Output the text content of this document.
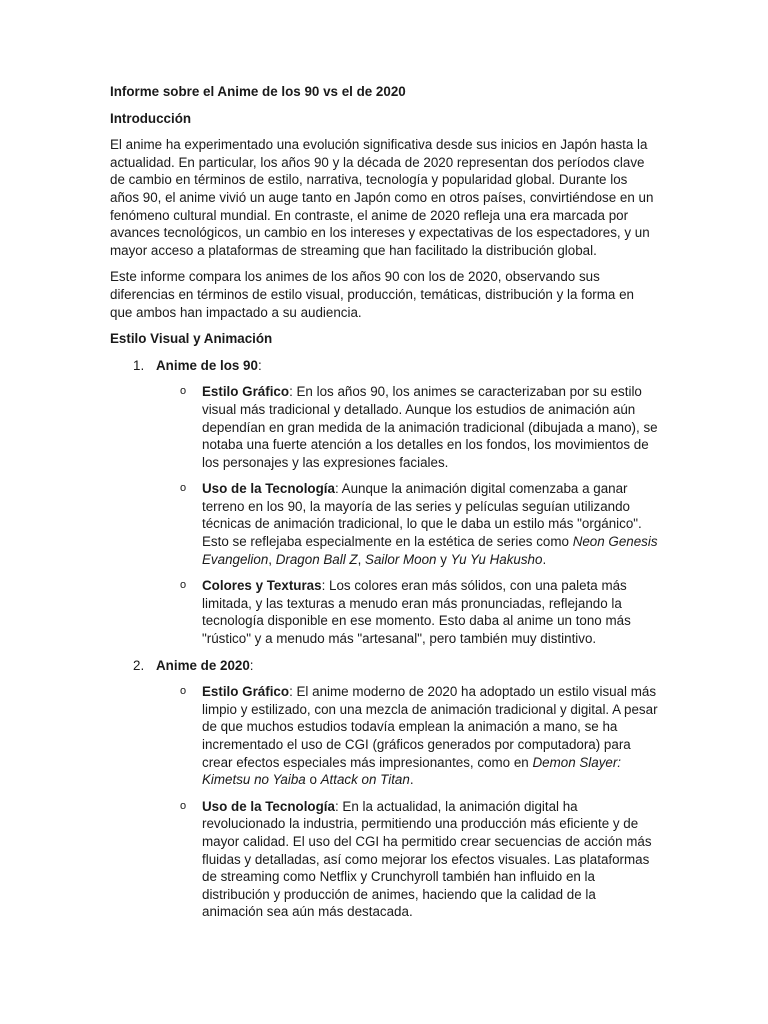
Informe sobre el Anime de los 90 vs el de 2020

Introducción

El anime ha experimentado una evolución significativa desde sus inicios en Japón hasta la actualidad. En particular, los años 90 y la década de 2020 representan dos períodos clave de cambio en términos de estilo, narrativa, tecnología y popularidad global. Durante los años 90, el anime vivió un auge tanto en Japón como en otros países, convirtiéndose en un fenómeno cultural mundial. En contraste, el anime de 2020 refleja una era marcada por avances tecnológicos, un cambio en los intereses y expectativas de los espectadores, y un mayor acceso a plataformas de streaming que han facilitado la distribución global.

Este informe compara los animes de los años 90 con los de 2020, observando sus diferencias en términos de estilo visual, producción, temáticas, distribución y la forma en que ambos han impactado a su audiencia.

Estilo Visual y Animación

1. Anime de los 90:
o Estilo Gráfico: En los años 90, los animes se caracterizaban por su estilo visual más tradicional y detallado. Aunque los estudios de animación aún dependían en gran medida de la animación tradicional (dibujada a mano), se notaba una fuerte atención a los detalles en los fondos, los movimientos de los personajes y las expresiones faciales.
o Uso de la Tecnología: Aunque la animación digital comenzaba a ganar terreno en los 90, la mayoría de las series y películas seguían utilizando técnicas de animación tradicional, lo que le daba un estilo más "orgánico". Esto se reflejaba especialmente en la estética de series como Neon Genesis Evangelion, Dragon Ball Z, Sailor Moon y Yu Yu Hakusho.
o Colores y Texturas: Los colores eran más sólidos, con una paleta más limitada, y las texturas a menudo eran más pronunciadas, reflejando la tecnología disponible en ese momento. Esto daba al anime un tono más "rústico" y a menudo más "artesanal", pero también muy distintivo.
2. Anime de 2020:
o Estilo Gráfico: El anime moderno de 2020 ha adoptado un estilo visual más limpio y estilizado, con una mezcla de animación tradicional y digital. A pesar de que muchos estudios todavía emplean la animación a mano, se ha incrementado el uso de CGI (gráficos generados por computadora) para crear efectos especiales más impresionantes, como en Demon Slayer: Kimetsu no Yaiba o Attack on Titan.
o Uso de la Tecnología: En la actualidad, la animación digital ha revolucionado la industria, permitiendo una producción más eficiente y de mayor calidad. El uso del CGI ha permitido crear secuencias de acción más fluidas y detalladas, así como mejorar los efectos visuales. Las plataformas de streaming como Netflix y Crunchyroll también han influido en la distribución y producción de animes, haciendo que la calidad de la animación sea aún más destacada.
